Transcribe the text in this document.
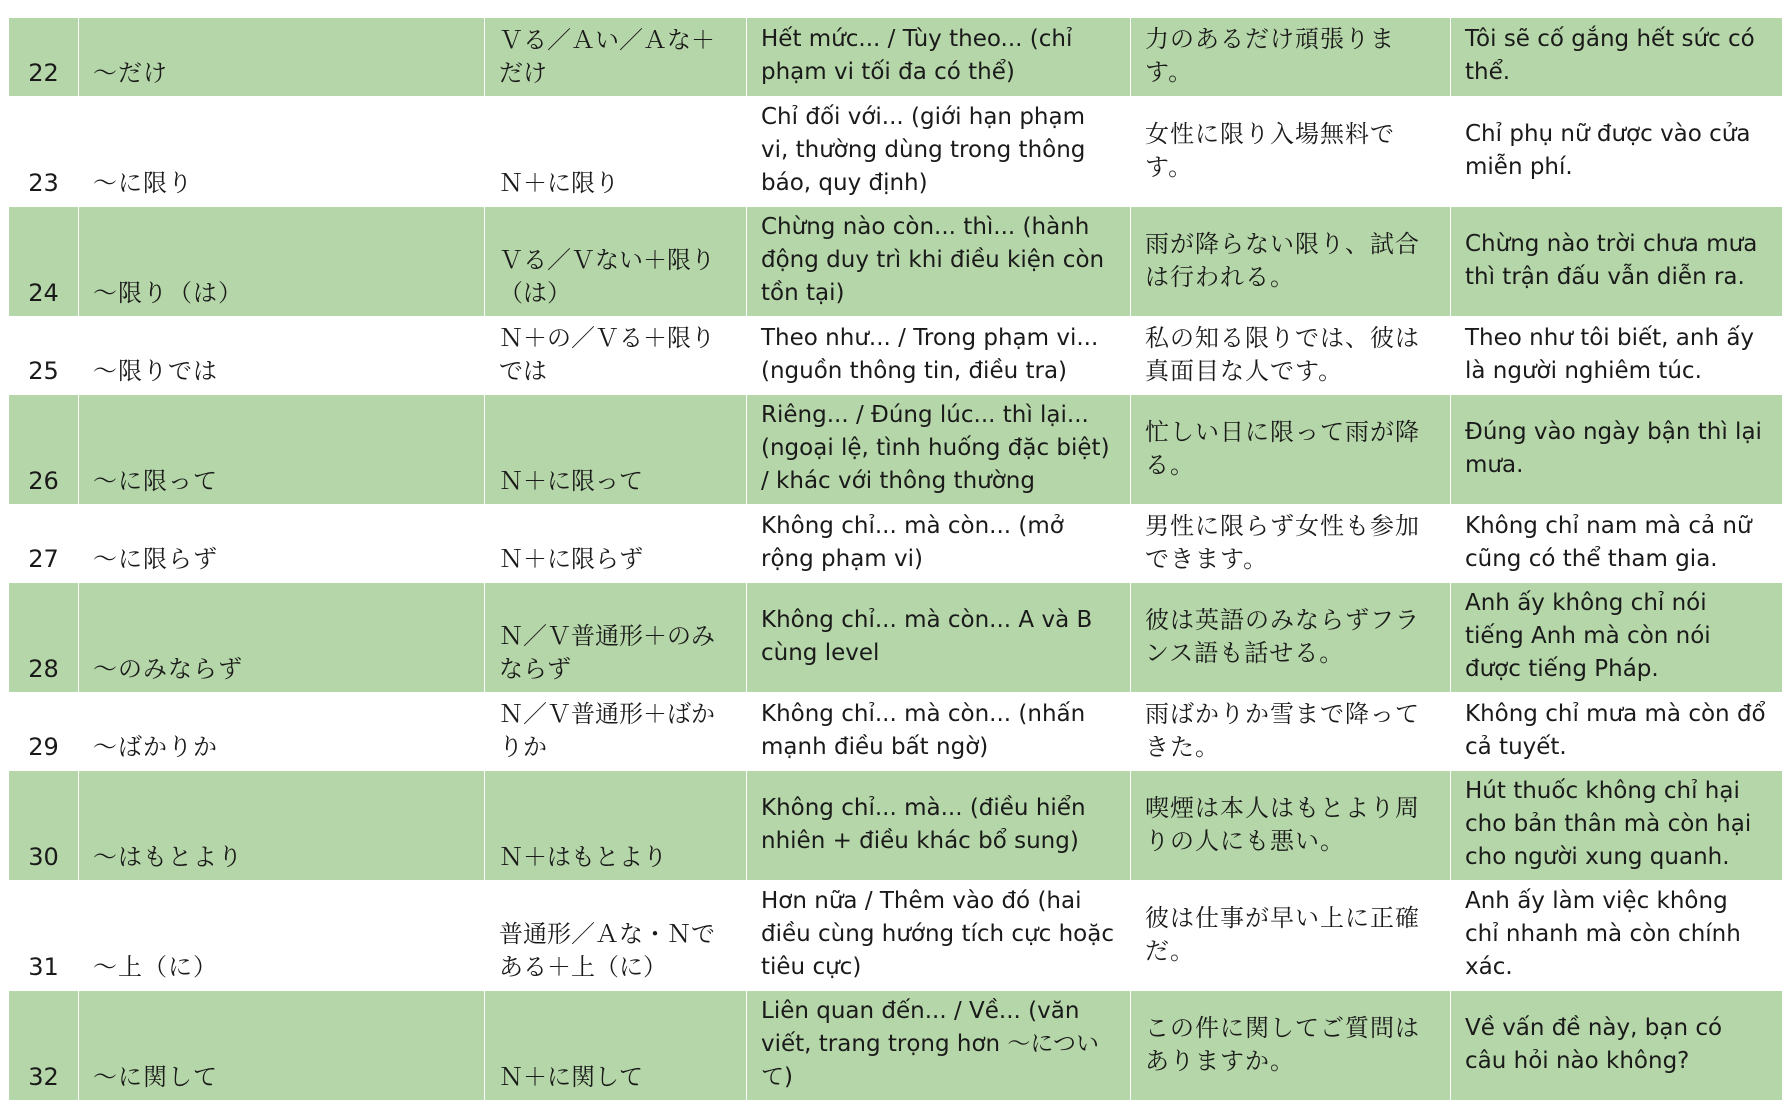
22	〜だけ	Ｖる／Ａい／Ａな＋だけ	Hết mức... / Tùy theo... (chỉ phạm vi tối đa có thể)	力のあるだけ頑張ります。	Tôi sẽ cố gắng hết sức có thể.
23	〜に限り	Ｎ＋に限り	Chỉ đối với... (giới hạn phạm vi, thường dùng trong thông báo, quy định)	女性に限り入場無料です。	Chỉ phụ nữ được vào cửa miễn phí.
24	〜限り（は）	Ｖる／Ｖない＋限り（は）	Chừng nào còn... thì... (hành động duy trì khi điều kiện còn tồn tại)	雨が降らない限り、試合は行われる。	Chừng nào trời chưa mưa thì trận đấu vẫn diễn ra.
25	〜限りでは	Ｎ＋の／Ｖる＋限りでは	Theo như... / Trong phạm vi... (nguồn thông tin, điều tra)	私の知る限りでは、彼は真面目な人です。	Theo như tôi biết, anh ấy là người nghiêm túc.
26	〜に限って	Ｎ＋に限って	Riêng... / Đúng lúc... thì lại... (ngoại lệ, tình huống đặc biệt) / khác với thông thường	忙しい日に限って雨が降る。	Đúng vào ngày bận thì lại mưa.
27	〜に限らず	Ｎ＋に限らず	Không chỉ... mà còn... (mở rộng phạm vi)	男性に限らず女性も参加できます。	Không chỉ nam mà cả nữ cũng có thể tham gia.
28	〜のみならず	Ｎ／Ｖ普通形＋のみならず	Không chỉ... mà còn... A và B cùng level	彼は英語のみならずフランス語も話せる。	Anh ấy không chỉ nói tiếng Anh mà còn nói được tiếng Pháp.
29	〜ばかりか	Ｎ／Ｖ普通形＋ばかりか	Không chỉ... mà còn... (nhấn mạnh điều bất ngờ)	雨ばかりか雪まで降ってきた。	Không chỉ mưa mà còn đổ cả tuyết.
30	〜はもとより	Ｎ＋はもとより	Không chỉ... mà... (điều hiển nhiên + điều khác bổ sung)	喫煙は本人はもとより周りの人にも悪い。	Hút thuốc không chỉ hại cho bản thân mà còn hại cho người xung quanh.
31	〜上（に）	普通形／Ａな・Ｎである＋上（に）	Hơn nữa / Thêm vào đó (hai điều cùng hướng tích cực hoặc tiêu cực)	彼は仕事が早い上に正確だ。	Anh ấy làm việc không chỉ nhanh mà còn chính xác.
32	〜に関して	Ｎ＋に関して	Liên quan đến... / Về... (văn viết, trang trọng hơn 〜について)	この件に関してご質問はありますか。	Về vấn đề này, bạn có câu hỏi nào không?
